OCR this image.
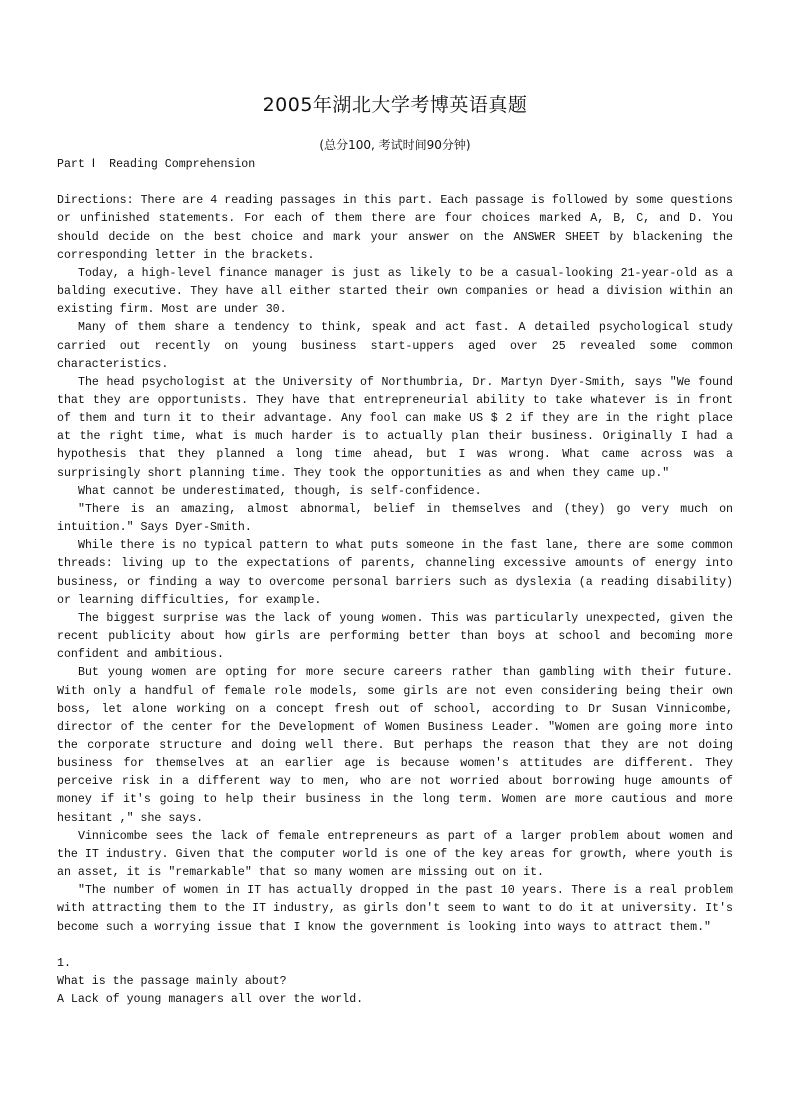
2005年湖北大学考博英语真题
(总分100, 考试时间90分钟)

Part Ⅰ  Reading Comprehension

Directions: There are 4 reading passages in this part. Each passage is followed by some questions or unfinished statements. For each of them there are four choices marked A, B, C, and D. You should decide on the best choice and mark your answer on the ANSWER SHEET by blackening the corresponding letter in the brackets.

Today, a high-level finance manager is just as likely to be a casual-looking 21-year-old as a balding executive. They have all either started their own companies or head a division within an existing firm. Most are under 30.

Many of them share a tendency to think, speak and act fast. A detailed psychological study carried out recently on young business start-uppers aged over 25 revealed some common characteristics.

The head psychologist at the University of Northumbria, Dr. Martyn Dyer-Smith, says "We found that they are opportunists. They have that entrepreneurial ability to take whatever is in front of them and turn it to their advantage. Any fool can make US $ 2 if they are in the right place at the right time, what is much harder is to actually plan their business. Originally I had a hypothesis that they planned a long time ahead, but I was wrong. What came across was a surprisingly short planning time. They took the opportunities as and when they came up."

What cannot be underestimated, though, is self-confidence.

"There is an amazing, almost abnormal, belief in themselves and (they) go very much on intuition." Says Dyer-Smith.

While there is no typical pattern to what puts someone in the fast lane, there are some common threads: living up to the expectations of parents, channeling excessive amounts of energy into business, or finding a way to overcome personal barriers such as dyslexia (a reading disability) or learning difficulties, for example.

The biggest surprise was the lack of young women. This was particularly unexpected, given the recent publicity about how girls are performing better than boys at school and becoming more confident and ambitious.

But young women are opting for more secure careers rather than gambling with their future. With only a handful of female role models, some girls are not even considering being their own boss, let alone working on a concept fresh out of school, according to Dr Susan Vinnicombe, director of the center for the Development of Women Business Leader. "Women are going more into the corporate structure and doing well there. But perhaps the reason that they are not doing business for themselves at an earlier age is because women's attitudes are different. They perceive risk in a different way to men, who are not worried about borrowing huge amounts of money if it's going to help their business in the long term. Women are more cautious and more hesitant ," she says.

Vinnicombe sees the lack of female entrepreneurs as part of a larger problem about women and the IT industry. Given that the computer world is one of the key areas for growth, where youth is an asset, it is "remarkable" that so many women are missing out on it.

"The number of women in IT has actually dropped in the past 10 years. There is a real problem with attracting them to the IT industry, as girls don't seem to want to do it at university. It's become such a worrying issue that I know the government is looking into ways to attract them."

1.

What is the passage mainly about?

A Lack of young managers all over the world.
